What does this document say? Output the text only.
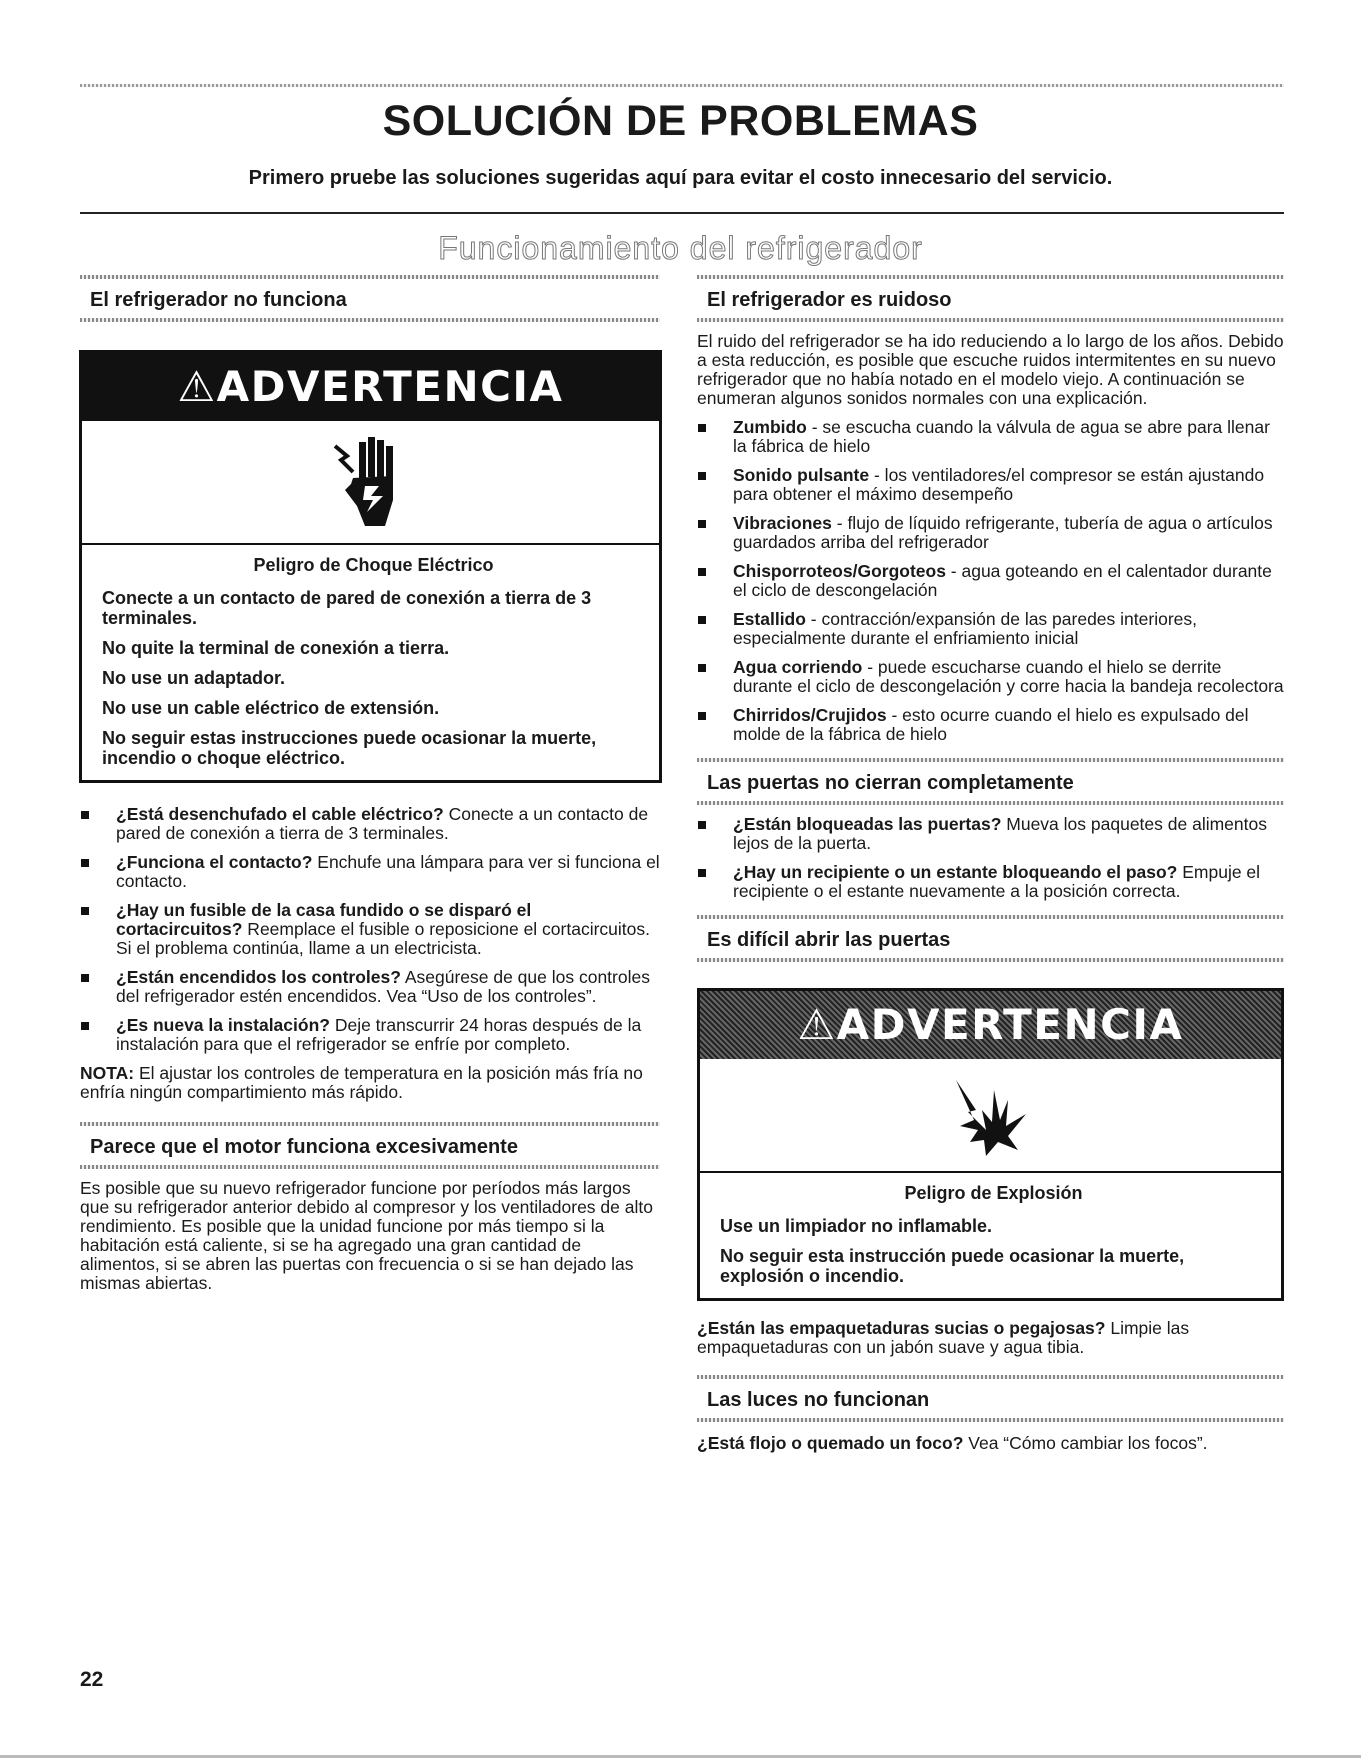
SOLUCIÓN DE PROBLEMAS
Primero pruebe las soluciones sugeridas aquí para evitar el costo innecesario del servicio.
Funcionamiento del refrigerador
El refrigerador no funciona
⚠ADVERTENCIA
Peligro de Choque Eléctrico

Conecte a un contacto de pared de conexión a tierra de 3 terminales.

No quite la terminal de conexión a tierra.

No use un adaptador.

No use un cable eléctrico de extensión.

No seguir estas instrucciones puede ocasionar la muerte, incendio o choque eléctrico.

¿Está desenchufado el cable eléctrico? Conecte a un contacto de pared de conexión a tierra de 3 terminales.
¿Funciona el contacto? Enchufe una lámpara para ver si funciona el contacto.
¿Hay un fusible de la casa fundido o se disparó el cortacircuitos? Reemplace el fusible o reposicione el cortacircuitos. Si el problema continúa, llame a un electricista.
¿Están encendidos los controles? Asegúrese de que los controles del refrigerador estén encendidos. Vea “Uso de los controles”.
¿Es nueva la instalación? Deje transcurrir 24 horas después de la instalación para que el refrigerador se enfríe por completo.

NOTA: El ajustar los controles de temperatura en la posición más fría no enfría ningún compartimiento más rápido.

Parece que el motor funciona excesivamente

Es posible que su nuevo refrigerador funcione por períodos más largos que su refrigerador anterior debido al compresor y los ventiladores de alto rendimiento. Es posible que la unidad funcione por más tiempo si la habitación está caliente, si se ha agregado una gran cantidad de alimentos, si se abren las puertas con frecuencia o si se han dejado las mismas abiertas.

El refrigerador es ruidoso

El ruido del refrigerador se ha ido reduciendo a lo largo de los años. Debido a esta reducción, es posible que escuche ruidos intermitentes en su nuevo refrigerador que no había notado en el modelo viejo. A continuación se enumeran algunos sonidos normales con una explicación.

Zumbido - se escucha cuando la válvula de agua se abre para llenar la fábrica de hielo
Sonido pulsante - los ventiladores/el compresor se están ajustando para obtener el máximo desempeño
Vibraciones - flujo de líquido refrigerante, tubería de agua o artículos guardados arriba del refrigerador
Chisporroteos/Gorgoteos - agua goteando en el calentador durante el ciclo de descongelación
Estallido - contracción/expansión de las paredes interiores, especialmente durante el enfriamiento inicial
Agua corriendo - puede escucharse cuando el hielo se derrite durante el ciclo de descongelación y corre hacia la bandeja recolectora
Chirridos/Crujidos - esto ocurre cuando el hielo es expulsado del molde de la fábrica de hielo
Las puertas no cierran completamente
¿Están bloqueadas las puertas? Mueva los paquetes de alimentos lejos de la puerta.
¿Hay un recipiente o un estante bloqueando el paso? Empuje el recipiente o el estante nuevamente a la posición correcta.
Es difícil abrir las puertas
⚠ADVERTENCIA
Peligro de Explosión

Use un limpiador no inflamable.

No seguir esta instrucción puede ocasionar la muerte, explosión o incendio.

¿Están las empaquetaduras sucias o pegajosas? Limpie las empaquetaduras con un jabón suave y agua tibia.

Las luces no funcionan

¿Está flojo o quemado un foco? Vea “Cómo cambiar los focos”.

22
